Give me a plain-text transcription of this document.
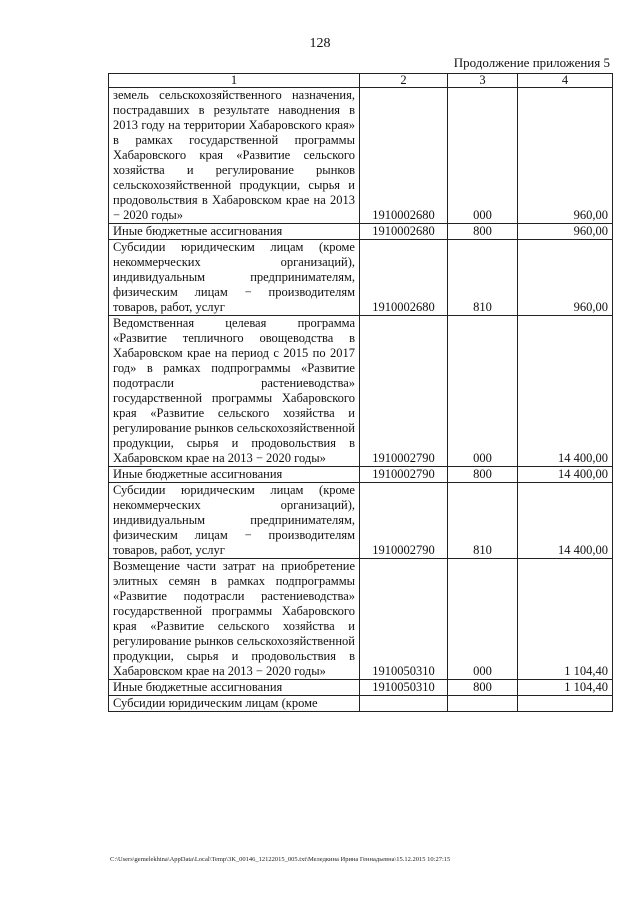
128
Продолжение приложения 5
1	2	3	4
земель сельскохозяйственного назначения, пострадавших в результате наводнения в 2013 году на территории Хабаровского края» в рамках государственной программы Хабаровского края «Развитие сельского хозяйства и регулирование рынков сельскохозяйственной продукции, сырья и продовольствия в Хабаровском крае на 2013 − 2020 годы»	1910002680	000	960,00
Иные бюджетные ассигнования	1910002680	800	960,00
Субсидии юридическим лицам (кроме некоммерческих организаций), индивидуальным предпринимателям, физическим лицам − производителям товаров, работ, услуг	1910002680	810	960,00
Ведомственная целевая программа «Развитие тепличного овощеводства в Хабаровском крае на период с 2015 по 2017 год» в рамках подпрограммы «Развитие подотрасли растениеводства» государственной программы Хабаровского края «Развитие сельского хозяйства и регулирование рынков сельскохозяйственной продукции, сырья и продовольствия в Хабаровском крае на 2013 − 2020 годы»	1910002790	000	14 400,00
Иные бюджетные ассигнования	1910002790	800	14 400,00
Субсидии юридическим лицам (кроме некоммерческих организаций), индивидуальным предпринимателям, физическим лицам − производителям товаров, работ, услуг	1910002790	810	14 400,00
Возмещение части затрат на приобретение элитных семян в рамках подпрограммы «Развитие подотрасли растениеводства» государственной программы Хабаровского края «Развитие сельского хозяйства и регулирование рынков сельскохозяйственной продукции, сырья и продовольствия в Хабаровском крае на 2013 − 2020 годы»	1910050310	000	1 104,40
Иные бюджетные ассигнования	1910050310	800	1 104,40
Субсидии юридическим лицам (кроме			
C:\Users\gemelekhina\AppData\Local\Temp\3K_00146_12122015_005.txt\Меледкина Ирина Геннадьевна\15.12.2015 10:27:15
